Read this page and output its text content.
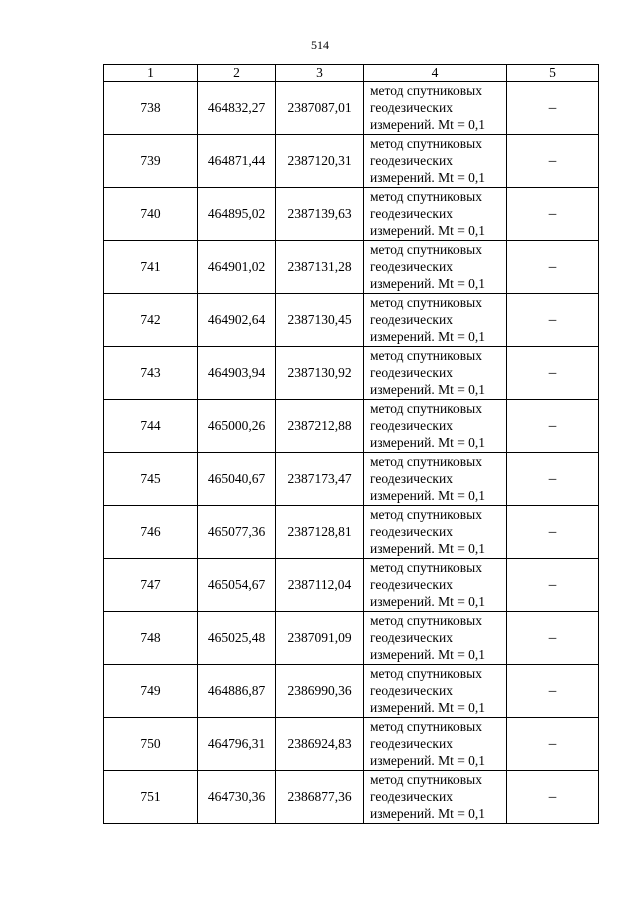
514
1	2	3	4	5
738	464832,27	2387087,01	метод спутниковых
геодезических
измерений. Mt = 0,1	–
739	464871,44	2387120,31	метод спутниковых
геодезических
измерений. Mt = 0,1	–
740	464895,02	2387139,63	метод спутниковых
геодезических
измерений. Mt = 0,1	–
741	464901,02	2387131,28	метод спутниковых
геодезических
измерений. Mt = 0,1	–
742	464902,64	2387130,45	метод спутниковых
геодезических
измерений. Mt = 0,1	–
743	464903,94	2387130,92	метод спутниковых
геодезических
измерений. Mt = 0,1	–
744	465000,26	2387212,88	метод спутниковых
геодезических
измерений. Mt = 0,1	–
745	465040,67	2387173,47	метод спутниковых
геодезических
измерений. Mt = 0,1	–
746	465077,36	2387128,81	метод спутниковых
геодезических
измерений. Mt = 0,1	–
747	465054,67	2387112,04	метод спутниковых
геодезических
измерений. Mt = 0,1	–
748	465025,48	2387091,09	метод спутниковых
геодезических
измерений. Mt = 0,1	–
749	464886,87	2386990,36	метод спутниковых
геодезических
измерений. Mt = 0,1	–
750	464796,31	2386924,83	метод спутниковых
геодезических
измерений. Mt = 0,1	–
751	464730,36	2386877,36	метод спутниковых
геодезических
измерений. Mt = 0,1	–
